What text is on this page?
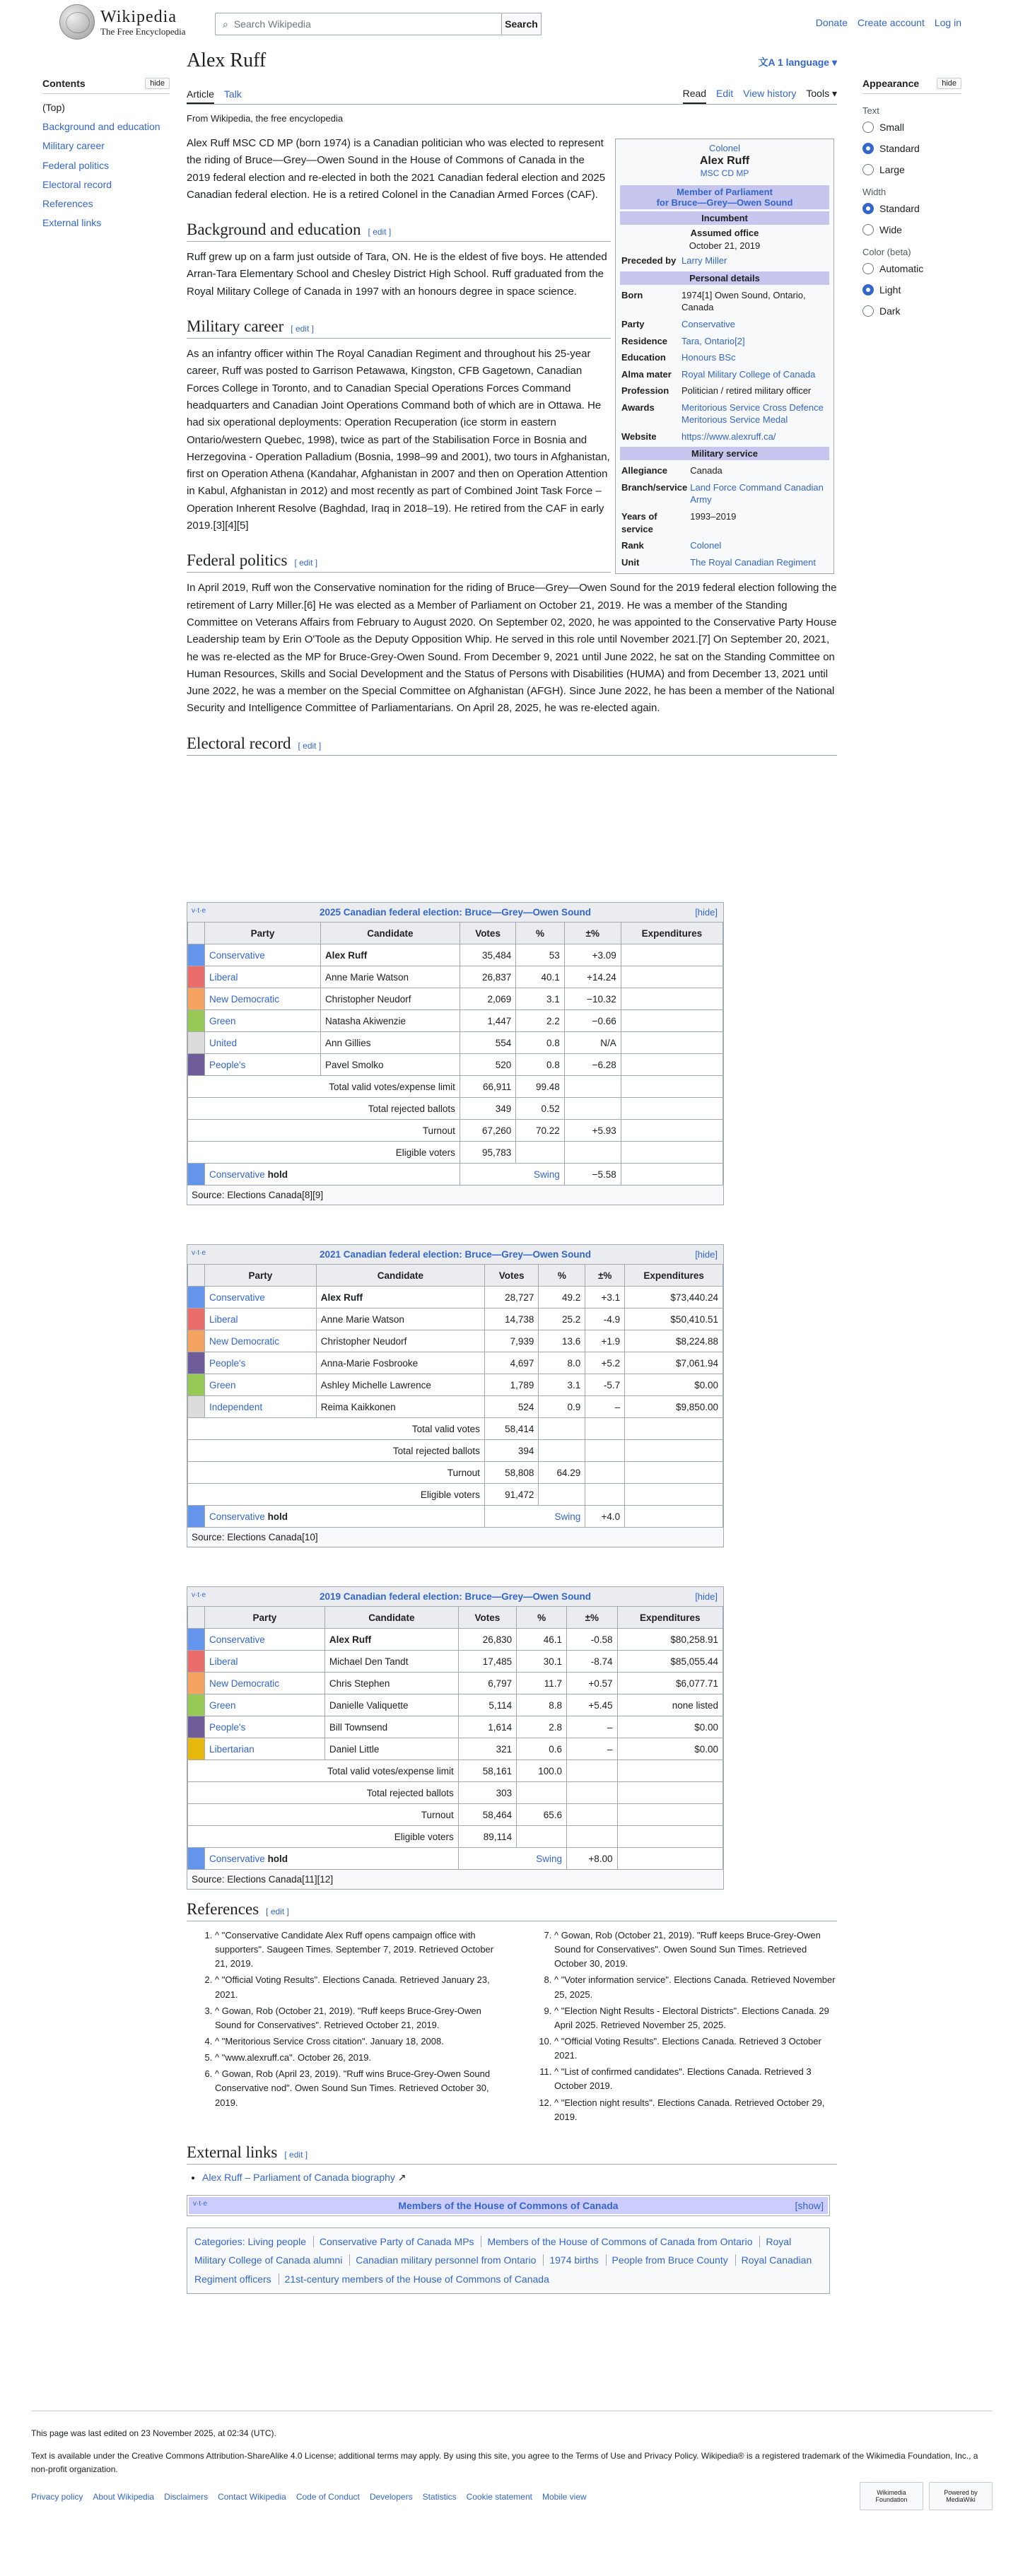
Wikipedia
The Free Encyclopedia
⌕ Search Wikipedia	Search	Donate Create account Log in
Contents	hide
(Top)
Background and education
Military career
Federal politics
Electoral record
References
External links
Appearance	hide
Text
Small
Standard
Large
Width
Standard
Wide
Color (beta)
Automatic
Light
Dark
Alex Ruff	文A 1 language ▾
Article Talk	Read Edit View history Tools ▾
From Wikipedia, the free encyclopedia

Alex Ruff MSC CD MP (born 1974) is a Canadian politician who was elected to represent the riding of Bruce—Grey—Owen Sound in the House of Commons of Canada in the 2019 federal election and re-elected in both the 2021 Canadian federal election and 2025 Canadian federal election. He is a retired Colonel in the Canadian Armed Forces (CAF).

Background and education [ edit ]

Ruff grew up on a farm just outside of Tara, ON. He is the eldest of five boys. He attended Arran-Tara Elementary School and Chesley District High School. Ruff graduated from the Royal Military College of Canada in 1997 with an honours degree in space science.

Military career [ edit ]

As an infantry officer within The Royal Canadian Regiment and throughout his 25-year career, Ruff was posted to Garrison Petawawa, Kingston, CFB Gagetown, Canadian Forces College in Toronto, and to Canadian Special Operations Forces Command headquarters and Canadian Joint Operations Command both of which are in Ottawa. He had six operational deployments: Operation Recuperation (ice storm in eastern Ontario/western Quebec, 1998), twice as part of the Stabilisation Force in Bosnia and Herzegovina - Operation Palladium (Bosnia, 1998–99 and 2001), two tours in Afghanistan, first on Operation Athena (Kandahar, Afghanistan in 2007 and then on Operation Attention in Kabul, Afghanistan in 2012) and most recently as part of Combined Joint Task Force – Operation Inherent Resolve (Baghdad, Iraq in 2018–19). He retired from the CAF in early 2019.[3][4][5]

Federal politics [ edit ]

In April 2019, Ruff won the Conservative nomination for the riding of Bruce—Grey—Owen Sound for the 2019 federal election following the retirement of Larry Miller.[6] He was elected as a Member of Parliament on October 21, 2019. He was a member of the Standing Committee on Veterans Affairs from February to August 2020. On September 02, 2020, he was appointed to the Conservative Party House Leadership team by Erin O'Toole as the Deputy Opposition Whip. He served in this role until November 2021.[7] On September 20, 2021, he was re-elected as the MP for Bruce-Grey-Owen Sound. From December 9, 2021 until June 2022, he sat on the Standing Committee on Human Resources, Skills and Social Development and the Status of Persons with Disabilities (HUMA) and from December 13, 2021 until June 2022, he was a member on the Special Committee on Afghanistan (AFGH). Since June 2022, he has been a member of the National Security and Intelligence Committee of Parliamentarians. On April 28, 2025, he was re-elected again.

Electoral record [ edit ]
Colonel
Alex Ruff
MSC CD MP
Member of Parliament
for Bruce—Grey—Owen Sound
Incumbent
Assumed office
October 21, 2019
Preceded by	Larry Miller
Personal details
Born	1974[1] Owen Sound, Ontario, Canada
Party	Conservative
Residence	Tara, Ontario[2]
Education	Honours BSc
Alma mater	Royal Military College of Canada
Profession	Politician / retired military officer
Awards	Meritorious Service Cross Defence Meritorious Service Medal
Website	https://www.alexruff.ca/
Military service
Allegiance	Canada
Branch/service	Land Force Command Canadian Army
Years of service	1993–2019
Rank	Colonel
Unit	The Royal Canadian Regiment
2025 Canadian federal election: Bruce—Grey—Owen Sound
v·t·e	[hide]
	Party	Candidate	Votes	%	±%	Expenditures
	Conservative	Alex Ruff	35,484	53	+3.09	
	Liberal	Anne Marie Watson	26,837	40.1	+14.24	
	New Democratic	Christopher Neudorf	2,069	3.1	−10.32	
	Green	Natasha Akiwenzie	1,447	2.2	−0.66	
	United	Ann Gillies	554	0.8	N/A	
	People's	Pavel Smolko	520	0.8	−6.28	
Total valid votes/expense limit			66,911	99.48		
Total rejected ballots			349	0.52		
Turnout			67,260	70.22	+5.93	
Eligible voters			95,783			
	Conservative hold		Swing		−5.58	
Source: Elections Canada[8][9]
2021 Canadian federal election: Bruce—Grey—Owen Sound
v·t·e	[hide]
	Party	Candidate	Votes	%	±%	Expenditures
	Conservative	Alex Ruff	28,727	49.2	+3.1	$73,440.24
	Liberal	Anne Marie Watson	14,738	25.2	-4.9	$50,410.51
	New Democratic	Christopher Neudorf	7,939	13.6	+1.9	$8,224.88
	People's	Anna-Marie Fosbrooke	4,697	8.0	+5.2	$7,061.94
	Green	Ashley Michelle Lawrence	1,789	3.1	-5.7	$0.00
	Independent	Reima Kaikkonen	524	0.9	–	$9,850.00
Total valid votes			58,414			
Total rejected ballots			394			
Turnout			58,808	64.29		
Eligible voters			91,472			
	Conservative hold		Swing		+4.0	
Source: Elections Canada[10]
2019 Canadian federal election: Bruce—Grey—Owen Sound
v·t·e	[hide]
	Party	Candidate	Votes	%	±%	Expenditures
	Conservative	Alex Ruff	26,830	46.1	-0.58	$80,258.91
	Liberal	Michael Den Tandt	17,485	30.1	-8.74	$85,055.44
	New Democratic	Chris Stephen	6,797	11.7	+0.57	$6,077.71
	Green	Danielle Valiquette	5,114	8.8	+5.45	none listed
	People's	Bill Townsend	1,614	2.8	–	$0.00
	Libertarian	Daniel Little	321	0.6	–	$0.00
Total valid votes/expense limit			58,161	100.0		
Total rejected ballots			303			
Turnout			58,464	65.6		
Eligible voters			89,114			
	Conservative hold		Swing		+8.00	
Source: Elections Canada[11][12]
References [ edit ]
1. ^ "Conservative Candidate Alex Ruff opens campaign office with supporters". Saugeen Times. September 7, 2019. Retrieved October 21, 2019.
2. ^ "Official Voting Results". Elections Canada. Retrieved January 23, 2021.
3. ^ Gowan, Rob (October 21, 2019). "Ruff keeps Bruce-Grey-Owen Sound for Conservatives". Retrieved October 21, 2019.
4. ^ "Meritorious Service Cross citation". January 18, 2008.
5. ^ "www.alexruff.ca". October 26, 2019.
6. ^ Gowan, Rob (April 23, 2019). "Ruff wins Bruce-Grey-Owen Sound Conservative nod". Owen Sound Sun Times. Retrieved October 30, 2019.
7. ^ Gowan, Rob (October 21, 2019). "Ruff keeps Bruce-Grey-Owen Sound for Conservatives". Owen Sound Sun Times. Retrieved October 30, 2019.
8. ^ "Voter information service". Elections Canada. Retrieved November 25, 2025.
9. ^ "Election Night Results - Electoral Districts". Elections Canada. 29 April 2025. Retrieved November 25, 2025.
10. ^ "Official Voting Results". Elections Canada. Retrieved 3 October 2021.
11. ^ "List of confirmed candidates". Elections Canada. Retrieved 3 October 2019.
12. ^ "Election night results". Elections Canada. Retrieved October 29, 2019.
External links [ edit ]
• Alex Ruff – Parliament of Canada biography ↗
v·t·e	Members of the House of Commons of Canada	[show]
Categories: Living people Conservative Party of Canada MPs Members of the House of Commons of Canada from Ontario Royal Military College of Canada alumni Canadian military personnel from Ontario 1974 births People from Bruce County Royal Canadian Regiment officers 21st-century members of the House of Commons of Canada
This page was last edited on 23 November 2025, at 02:34 (UTC).
Text is available under the Creative Commons Attribution-ShareAlike 4.0 License; additional terms may apply. By using this site, you agree to the Terms of Use and Privacy Policy. Wikipedia® is a registered trademark of the Wikimedia Foundation, Inc., a non-profit organization.
Privacy policy About Wikipedia Disclaimers Contact Wikipedia Code of Conduct Developers Statistics Cookie statement Mobile view	Wikimedia Foundation
Powered by MediaWiki
